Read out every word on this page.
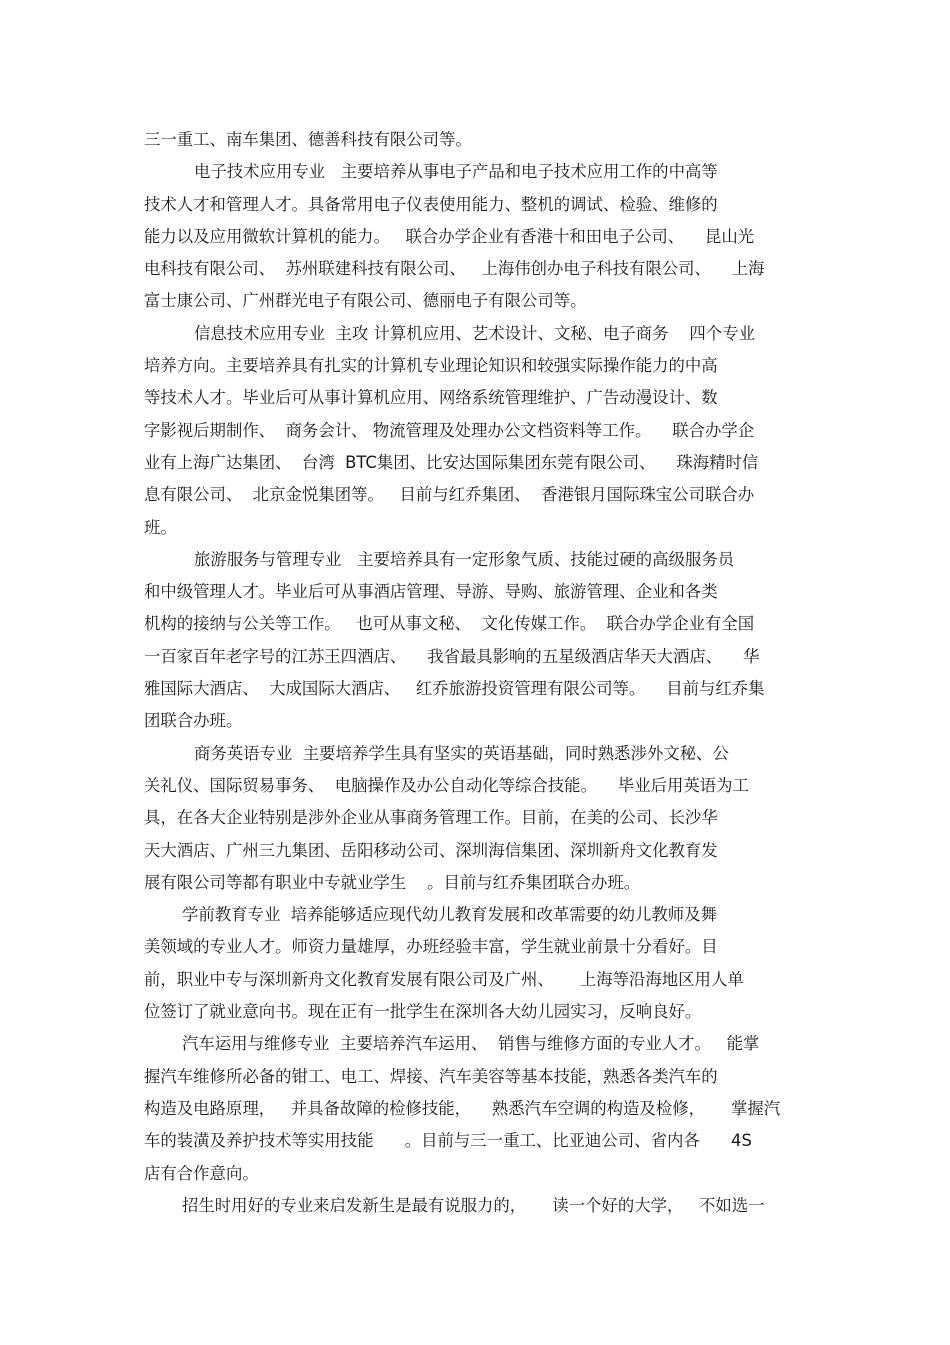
三一重工、南车集团、德善科技有限公司等。
电子技术应用专业   主要培养从事电子产品和电子技术应用工作的中高等
技术人才和管理人才。具备常用电子仪表使用能力、整机的调试、检验、维修的
能力以及应用微软计算机的能力。   联合办学企业有香港十和田电子公司、    昆山光
电科技有限公司、  苏州联建科技有限公司、   上海伟创办电子科技有限公司、    上海
富士康公司、广州群光电子有限公司、德丽电子有限公司等。
信息技术应用专业  主攻 计算机应用、艺术设计、文秘、电子商务    四个专业
培养方向。主要培养具有扎实的计算机专业理论知识和较强实际操作能力的中高
等技术人才。毕业后可从事计算机应用、网络系统管理维护、广告动漫设计、数
字影视后期制作、  商务会计、 物流管理及处理办公文档资料等工作。    联合办学企
业有上海广达集团、  台湾  BTC集团、比安达国际集团东莞有限公司、    珠海精时信
息有限公司、  北京金悦集团等。   目前与红乔集团、  香港银月国际珠宝公司联合办
班。
旅游服务与管理专业   主要培养具有一定形象气质、技能过硬的高级服务员
和中级管理人才。毕业后可从事酒店管理、导游、导购、旅游管理、企业和各类
机构的接纳与公关等工作。   也可从事文秘、  文化传媒工作。  联合办学企业有全国
一百家百年老字号的江苏王四酒店、    我省最具影响的五星级酒店华天大酒店、    华
雅国际大酒店、  大成国际大酒店、   红乔旅游投资管理有限公司等。    目前与红乔集
团联合办班。
商务英语专业  主要培养学生具有坚实的英语基础，同时熟悉涉外文秘、公
关礼仪、国际贸易事务、  电脑操作及办公自动化等综合技能。    毕业后用英语为工
具，在各大企业特别是涉外企业从事商务管理工作。目前，在美的公司、长沙华
天大酒店、广州三九集团、岳阳移动公司、深圳海信集团、深圳新舟文化教育发
展有限公司等都有职业中专就业学生    。目前与红乔集团联合办班。
学前教育专业  培养能够适应现代幼儿教育发展和改革需要的幼儿教师及舞
美领域的专业人才。师资力量雄厚，办班经验丰富，学生就业前景十分看好。目
前，职业中专与深圳新舟文化教育发展有限公司及广州、     上海等沿海地区用人单
位签订了就业意向书。现在正有一批学生在深圳各大幼儿园实习，反响良好。
汽车运用与维修专业  主要培养汽车运用、  销售与维修方面的专业人才。   能掌
握汽车维修所必备的钳工、电工、焊接、汽车美容等基本技能，熟悉各类汽车的
构造及电路原理，   并具备故障的检修技能，    熟悉汽车空调的构造及检修，     掌握汽
车的装潢及养护技术等实用技能      。目前与三一重工、比亚迪公司、省内各      4S
店有合作意向。
招生时用好的专业来启发新生是最有说服力的，     读一个好的大学，   不如选一
